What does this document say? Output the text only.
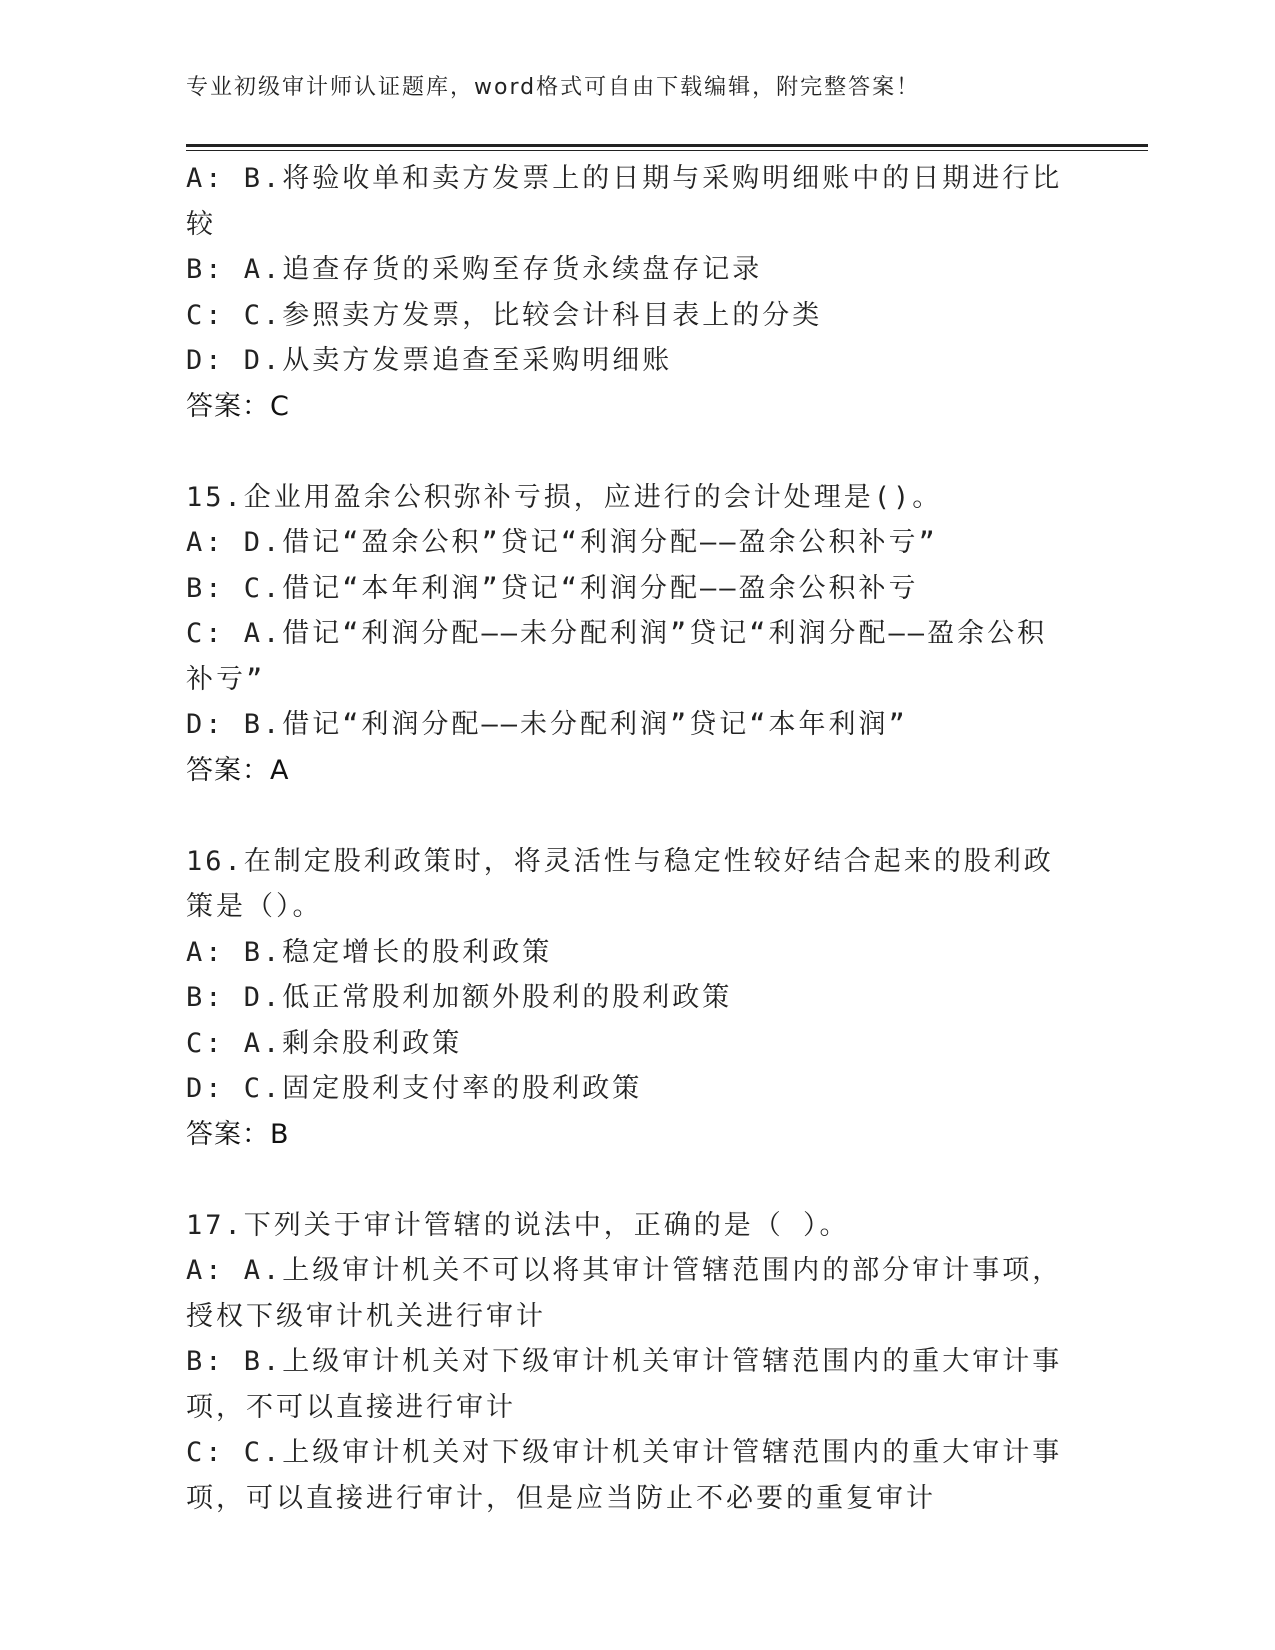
专业初级审计师认证题库，word格式可自由下载编辑，附完整答案！
A: B.将验收单和卖方发票上的日期与采购明细账中的日期进行比较
B: A.追查存货的采购至存货永续盘存记录
C: C.参照卖方发票，比较会计科目表上的分类
D: D.从卖方发票追查至采购明细账
答案：C
15.企业用盈余公积弥补亏损，应进行的会计处理是()。
A: D.借记“盈余公积”贷记“利润分配——盈余公积补亏”
B: C.借记“本年利润”贷记“利润分配——盈余公积补亏
C: A.借记“利润分配——未分配利润”贷记“利润分配——盈余公积补亏”
D: B.借记“利润分配——未分配利润”贷记“本年利润”
答案：A
16.在制定股利政策时，将灵活性与稳定性较好结合起来的股利政策是（）。
A: B.稳定增长的股利政策
B: D.低正常股利加额外股利的股利政策
C: A.剩余股利政策
D: C.固定股利支付率的股利政策
答案：B
17.下列关于审计管辖的说法中，正确的是（ ）。
A: A.上级审计机关不可以将其审计管辖范围内的部分审计事项，授权下级审计机关进行审计
B: B.上级审计机关对下级审计机关审计管辖范围内的重大审计事项，不可以直接进行审计
C: C.上级审计机关对下级审计机关审计管辖范围内的重大审计事项，可以直接进行审计，但是应当防止不必要的重复审计
